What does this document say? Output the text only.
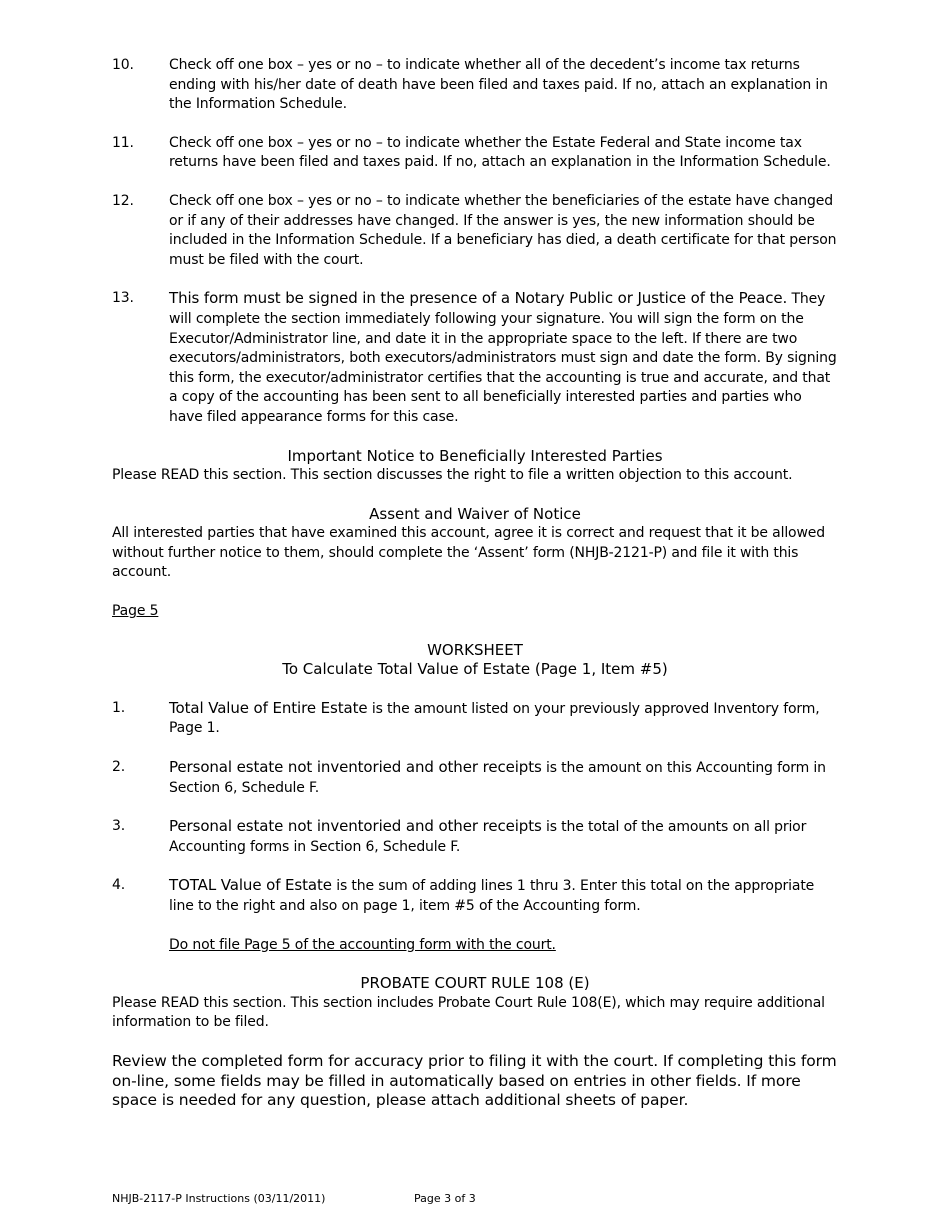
10.	Check off one box – yes or no – to indicate whether all of the decedent’s income tax returns ending with his/her date of death have been filed and taxes paid. If no, attach an explanation in the Information Schedule.
11.	Check off one box – yes or no – to indicate whether the Estate Federal and State income tax returns have been filed and taxes paid. If no, attach an explanation in the Information Schedule.
12.	Check off one box – yes or no – to indicate whether the beneficiaries of the estate have changed or if any of their addresses have changed. If the answer is yes, the new information should be included in the Information Schedule. If a beneficiary has died, a death certificate for that person must be filed with the court.
13. This form must be signed in the presence of a Notary Public or Justice of the Peace. They will complete the section immediately following your signature. You will sign the form on the Executor/Administrator line, and date it in the appropriate space to the left. If there are two executors/administrators, both executors/administrators must sign and date the form. By signing this form, the executor/administrator certifies that the accounting is true and accurate, and that a copy of the accounting has been sent to all beneficially interested parties and parties who have filed appearance forms for this case.
Important Notice to Beneficially Interested Parties
Please READ this section. This section discusses the right to file a written objection to this account.
Assent and Waiver of Notice
All interested parties that have examined this account, agree it is correct and request that it be allowed without further notice to them, should complete the ‘Assent’ form (NHJB-2121-P) and file it with this account.
Page 5
WORKSHEET
To Calculate Total Value of Estate (Page 1, Item #5)
1.	Total Value of Entire Estate is the amount listed on your previously approved Inventory form, Page 1.
2.	Personal estate not inventoried and other receipts is the amount on this Accounting form in Section 6, Schedule F.
3.	Personal estate not inventoried and other receipts is the total of the amounts on all prior Accounting forms in Section 6, Schedule F.
4.	TOTAL Value of Estate is the sum of adding lines 1 thru 3. Enter this total on the appropriate line to the right and also on page 1, item #5 of the Accounting form.
Do not file Page 5 of the accounting form with the court.
PROBATE COURT RULE 108 (E)
Please READ this section. This section includes Probate Court Rule 108(E), which may require additional information to be filed.
Review the completed form for accuracy prior to filing it with the court. If completing this form on-line, some fields may be filled in automatically based on entries in other fields. If more space is needed for any question, please attach additional sheets of paper.
NHJB-2117-P Instructions (03/11/2011)	Page 3 of 3
